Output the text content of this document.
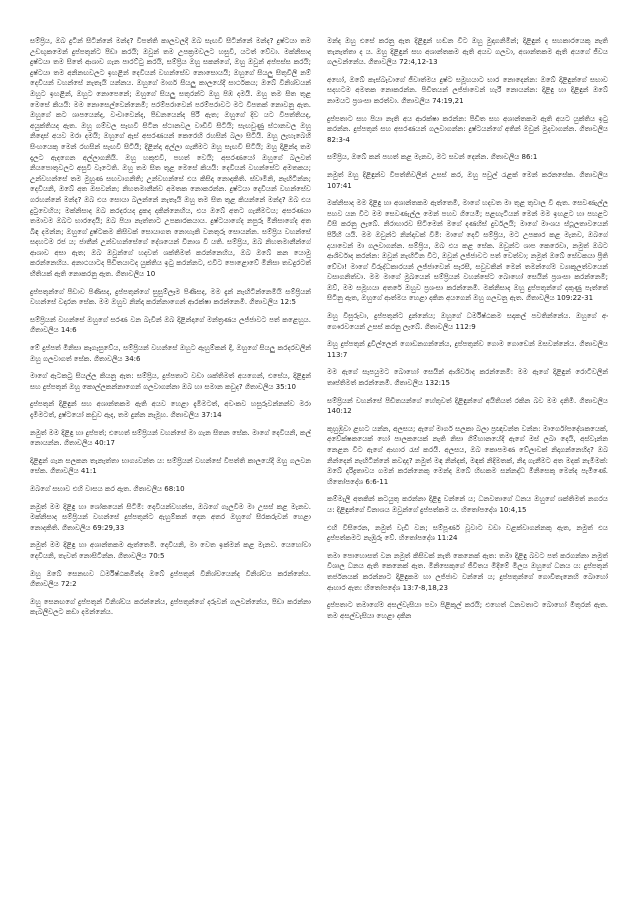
සම්ප්‍රිය, ඔබ දුටින් සිටින්නේ මන්ද? විපත්ති කාලවලදී ඔබ සැඟවී සිටින්නේ මන්ද? දුෂ්ටයා තම උඩඟුකමෙන් දුප්පතුන්ට පීඩා කරයි; ඔවුන් තම උපක්‍රමවලට හසුවී, යටත් වේවා. මක්නිසාද දුෂ්ටයා තම සිතේ ආශාව ගැන පාරට්ටු කරයි, සම්ප්‍රිය ඔහු සකන්ගේ, ඔහු ඔවුන් අප්පස්ස කරයි; දුෂ්ටයා තම අනිනඟවලට ඉහළින් දෙවියන් වහන්සේව නොසොයයි; ඔහුගේ සියලු සිතුවිලි නම් දෙවියන් වහන්සේ නැතැයි යන්නය. ඔහුගේ මාර්ග සියලු කාලයේදී සාර්ථකය; ඔබේ විනිශ්චයන් ඔහුට ඉහළින්, ඔහුට නොපෙනේ; ඔහුගේ සියලු සතුරන්ට ඔහු පිඹ දමයි. ඔහු තම සිත තුළ මෙසේ කියයි: මම නොසෙල්වෙන්නෙමි; පරම්පරාවෙන් පරම්පරාවට මට විපතක් නොවනු ඇත. ඔහුගේ කට ශාපයෙන්ද, වංචාවෙන්ද, පීඩනයෙන්ද පිරී ඇත; ඔහුගේ දිව යට විපත්තියද, අයුක්තියද ඇත. ඔහු ගම්වල සැඟවී සිටින ස්ථානවල වාඩිවී සිටියි; සැඟවුණු ස්ථානවල ඔහු නිදොස් අයව මරා දමයි; ඔහුගේ ඇස් අසරණයන් කෙරෙහි රහසින් බලා සිටියි. ඔහු ලැහැබෙහි සිංහයෙකු මෙන් රහසින් සැඟවී සිටියි; දිළින්දා අල්ලා ගැනීමට ඔහු සැඟවී සිටියි; ඔහු දිළින්දා තම දැලට ඇදගෙන අල්ලාගනියි. ඔහු හකුළුවී, පහත් වෙයි; අසරණයෝ ඔහුගේ බලවත් නියපොතුවලට අසුවී වැටෙති. ඔහු තම සිත තුළ මෙසේ කියයි: දෙවියන් වහන්සේට අමතකය; උන්වහන්සේ තම මුහුණ සඟවාගනිති; උන්වහන්සේ එය කිසිදා නොදකිති. ස්වාමීනි, නැඟිටින්න; දෙවියනි, ඔබේ අත ඔසවන්න; නිහතමානීන්ව අමතක නොකරන්න. දුෂ්ටයා දෙවියන් වහන්සේව ගරහන්නේ මන්ද? ඔබ එය සොයා බලන්නේ නැතැයි ඔහු තම සිත තුළ කියන්නේ මන්ද? ඔබ එය දුටුවෙහිය; මක්නිසාද ඔබ කරදරයද දුකද දකින්නෙහිය, එය ඔබේ අතට ගැනීමටය; අසරණයා තමාවම ඔබට භාරදෙයි; ඔබ පියා නැත්තාට උපකාරකයාය. දුෂ්ටයාගේද නපුරු මිනිසාගේද අත බිඳ දමන්න; ඔහුගේ දුෂ්ටකම කිසිවක් සොයාගත නොහැකි වනතුරු සොයන්න. සම්ප්‍රිය වහන්සේ සදහටම රජ ය; ජාතීන් උන්වහන්සේගේ දේශයෙන් විනාශ වී යති. සම්ප්‍රිය, ඔබ නිහතමානීන්ගේ ආශාව අසා ඇත; ඔබ ඔවුන්ගේ හදවත් ශක්තිමත් කරන්නෙහිය, ඔබ ඔබේ කන යොමු කරන්නෙහිය. අනාථයාටද පීඩිතයාටද යුක්තිය ඉටු කරන්නට, එවිට පොළොවේ මිනිසා තවදුරටත් භීතියක් ඇති නොකරනු ඇත. ගීතාවලිය 10

දුප්පතුන්ගේ පීඩාව පිණිසද, දුප්පතුන්ගේ සුසුම්ලෑම පිණිසද, මම දැන් නැඟිටින්නෙමියි සම්ප්‍රියන් වහන්සේ වදාරන සේක. මම ඔහුව නින්දා කරන්නාගෙන් ආරක්ෂා කරන්නෙමි. ගීතාවලිය 12:5

සම්ප්‍රියන් වහන්සේ ඔහුගේ සරණ වන බැවින් ඔබ දිළින්දාගේ මන්ත්‍රණය ලජ්ජාවට පත් කළෙහුය. ගීතාවලිය 14:6

මේ දුප්පත් මිනිසා කෑගැසුවේය, සම්ප්‍රියන් වහන්සේ ඔහුට ඇහුම්කන් දී, ඔහුගේ සියලු කරදරවලින් ඔහු ගලවාගත් සේක. ගීතාවලිය 34:6

මාගේ ඇටකටු සියල්ල කියනු ඇත: සම්ප්‍රිය, දුප්පතාට වඩා ශක්තිමත් අයගෙන්, එසේය, දිළිඳුන් සහ දුප්පතුන් ඔහු කොල්ලකන්නාගෙන් ගලවාගන්නා ඔබ හා සමාන කවුද? ගීතාවලිය 35:10

දුප්පතුන් දිළිඳුන් සහ අශාන්තකම ඇති අයව හෙළා දැමීමටත්, අවංකව හසුරුවන්නන්ව මරා දැමීමටත්, දුෂ්ටයෝ කඩුව ඇද, තම දුන්න නැමූහ. ගීතාවලිය 37:14

නමුත් මම දිළිඳු හා දුප්පත්; එහෙත් සම්ප්‍රියන් වහන්සේ මා ගැන සිතන සේක. මාගේ දෙවියනි, කල් නොයන්න. ගීතාවලිය 40:17

දිළිඳුන් ගැන සලකන තැනැත්තා භාග්‍යවන්ත ය: සම්ප්‍රියන් වහන්සේ විපත්ති කාලයේදී ඔහු ගලවන සේක. ගීතාවලිය 41:1

ඔබගේ සභාව එහි වාසය කර ඇත. ගීතාවලිය 68:10

නමුත් මම දිළිඳු හා ශෝකයෙන් සිටිමි: දෙවියන්වහන්ස, ඔබගේ ගැලවීම මා උසස් කළ මැනව. මක්නිසාද සම්ප්‍රියන් වහන්සේ දුප්පතුන්ට ඇහුම්කන් දෙන අතර ඔහුගේ සිරකරුවන් හෙළා නොදකිති. ගීතාවලිය 69:29,33

නමුත් මම දිළිඳු හා අශාන්තකම ඇත්තෙමි. දෙවියනි, මා වෙත ඉක්මන් කළ මැනව. යෙහෝවා දෙවියනි, තැවත් නොසිටින්න. ගීතාවලිය 70:5

ඔහු ඔබේ සෙනඟව ධර්මිෂ්ඨකමින්ද ඔබේ දුප්පතුන් විනිශ්චයෙන්ද විනිශ්චය කරන්නේය. ගීතාවලිය 72:2

ඔහු සෙනඟගේ දුප්පතුන් විනිශ්චය කරන්නේය, දුප්පතුන්ගේ දරුවන් ගලවන්නේය, පීඩා කරන්නා කැබලිවලට කඩා දමන්නේය.

මන්ද ඔහු එසේ කරනු ඇත දිළිඳුන් හඬන විට ඔහු මුදාගනිමින්; දිළිඳුන් ද සහකාරයෙකු නැති තැනැත්තා ද ය. ඔහු දිළිඳුන් සහ අශාන්තකම ඇති අයව ගලවා, අශාන්තකම ඇති අයගේ ජීවය ගලවන්නේය. ගීතාවලිය 72:4,12-13

අහෝ, ඔබේ කැස්බෑවාගේ ජීවාත්මය දුෂ්ට සමූහයාට භාර නොදෙන්න: ඔබේ දිළිඳුන්ගේ සභාව සදහටම අමතක නොකරන්න. පීඩිතයන් ලජ්ජාවෙන් හැරී නොයන්න: දිළිඳු හා දිළිඳුන් ඔබේ නාමයට ප්‍රශංසා කරත්වා. ගීතාවලිය 74:19,21

දුප්පතාට සහ පියා නැති අය ආරක්ෂා කරන්න: පීඩිත සහ අශාන්තකම ඇති අයට යුක්තිය ඉටු කරන්න. දුප්පතුන් සහ අසරණයන් ගලවාගන්න: දුෂ්ටයන්ගේ අතින් ඔවුන් මුදවාගන්න. ගීතාවලිය 82:3-4

සම්ප්‍රිය, ඔබේ කන් පහත් කළ මැනව, මට සවන් දෙන්න. ගීතාවලිය 86:1

නමුත් ඔහු දිළිඳුන්ව විපත්තිවලින් උසස් කර, ඔහු පවුල් රැළක් මෙන් කරනසේක. ගීතාවලිය 107:41

මක්නිසාද මම දිළිඳු හා අශාන්තකම ඇත්තෙමි, මාගේ හදවත මා තුළ තුවාල වී ඇත. සෙවණැල්ල පහව යන විට මම සෙවණැල්ල මෙන් පහව ගියෙමි; පළඟැටියන් මෙන් මම ඉහළට හා පහළට විසි කරනු ලැබේ. නිරාහාරව සිටීමෙන් මගේ දණහිස් දුර්වලයි; මාගේ මාංශය ස්ථූලතාවයෙන් පිරිහී යයි. මම ඔවුන්ට නින්දාවක් වීමි: මාගේ දෙවි සම්ප්‍රිය, මට උපකාර කළ මැනව, ඔබගේ දයාවෙන් මා ගලවාගන්න. සම්ප්‍රිය, ඔබ එය කළ සේක. ඔවුන්ට ශාප කෙරෙවා, නමුත් ඔබට ආශිර්වාද කරන්න: ඔවුන් නැඟිටින විට, ඔවුන් ලජ්ජාවට පත් වෙත්වා; නමුත් ඔබේ සේවකයා ප්‍රීති වේවා! මාගේ විරුද්ධකාරයන් ලජ්ජාවෙන් සැරසී, සවුවකින් මෙන් තමන්ගේම ව්‍යාකූලත්වයෙන් වසාගනිත්වා. මම මාගේ මුඛයෙන් සම්ප්‍රියන් වහන්සේට බොහෝ සෙයින් ප්‍රශංසා කරන්නෙමි; ඔව්, මම සමූහයා අතරේ ඔහුව ප්‍රශංසා කරන්නෙමි. මක්නිසාද ඔහු දුප්පතුන්ගේ දකුණු පැත්තේ සිටිනු ඇත, ඔහුගේ ආත්මය හෙළා දකින අයගෙන් ඔහු ගලවනු ඇත. ගීතාවලිය 109:22-31

ඔහු විසුරුවා, දුප්පතුන්ට දුන්නේය; ඔහුගේ ධර්මිෂ්ඨකම සදාකල් පවතින්නේය. ඔහුගේ අං ගෞරවයෙන් උසස් කරනු ලැබේ. ගීතාවලිය 112:9

ඔහු දුප්පතුන් දූවිල්ලෙන් ගොඩනගන්නේය, දුප්පතුන්ව ගොම ගොඩෙන් ඔසවන්නේය. ගීතාවලිය 113:7

මම ඇගේ සැපයුමට බොහෝ සෙයින් ආශිර්වාද කරන්නෙමි: මම ඇගේ දිළිඳුන් රොටිවලින් තෘප්තිමත් කරන්නෙමි. ගීතාවලිය 132:15

සම්ප්‍රියන් වහන්සේ පීඩිතයන්ගේ හේතුවත් දිළිඳුන්ගේ අයිතියත් රකින බව මම දනිමි. ගීතාවලිය 140:12

කුහුඹුවා ළඟට යන්න, අලසය; ඇගේ මාර්ග සලකා බලා ප්‍රඥාවන්ත වන්න: මාර්ගෝපදේශකයෙක්, අවේක්ෂකයෙක් හෝ පාලකයෙක් නැති නිසා ගිම්හානයේදී ඇගේ මස් ලබා දෙයි, අස්වැන්න නෙළන විට ඇගේ ආහාර රැස් කරයි. අලසය, ඔබ කොපමණ වේලාවක් නිදාගන්නෙහිද? ඔබ නින්දෙන් නැඟිටින්නේ කවදාද? නමුත් මඳ නින්දක්, මඳක් නිදිමතක්, නිදා ගැනීමට අත මදක් නැමීමක්: ඔබේ දරිද්‍රතාවය ගමන් කරන්නෙකු මෙන්ද ඔබේ හිඟකම සන්නද්ධ මිනිසෙකු මෙන්ද පැමිණේ. හිතෝපදේශ 6:6-11

කම්මැලි අතකින් කටයුතු කරන්නා දිළිඳු වන්නේ ය; ධනවතාගේ ධනය ඔහුගේ ශක්තිමත් නගරය ය: දිළිඳුන්ගේ විනාශය ඔවුන්ගේ දුප්පත්කම ය. හිතෝපදේශ 10:4,15

එහි විසිරෙන, නමුත් වැඩි වන; සම්පූර්ණ වූවාට වඩා වළක්වාගන්නකු ඇත, නමුත් එය දුප්පත්කමට නැඹුරු වේ. හිතෝපදේශ 11:24

තමා පොහොසත් වන නමුත් කිසිවක් නැති කෙනෙක් ඇත: තමා දිළිඳු බවට පත් කරගන්නා නමුත් විශාල ධනය ඇති කෙනෙක් ඇත. මිනිසෙකුගේ ජීවිතය මිදීමේ මිලය ඔහුගේ ධනය ය: දුප්පතුන් තර්ජනයක් කරන්නාට දිළිඳුකම හා ලජ්ජාව වන්නේ ය; දුප්පතුන්ගේ ගොවිතැනෙහි බොහෝ ආහාර ඇත: හිතෝපදේශ 13:7-8,18,23

දුප්පතාට තමාගේම අසල්වැසියා පවා පිළිකුල් කරයි; එහෙත් ධනවතාට බොහෝ මිතුරන් ඇත. තම අසල්වැසියා හෙළා දකින
